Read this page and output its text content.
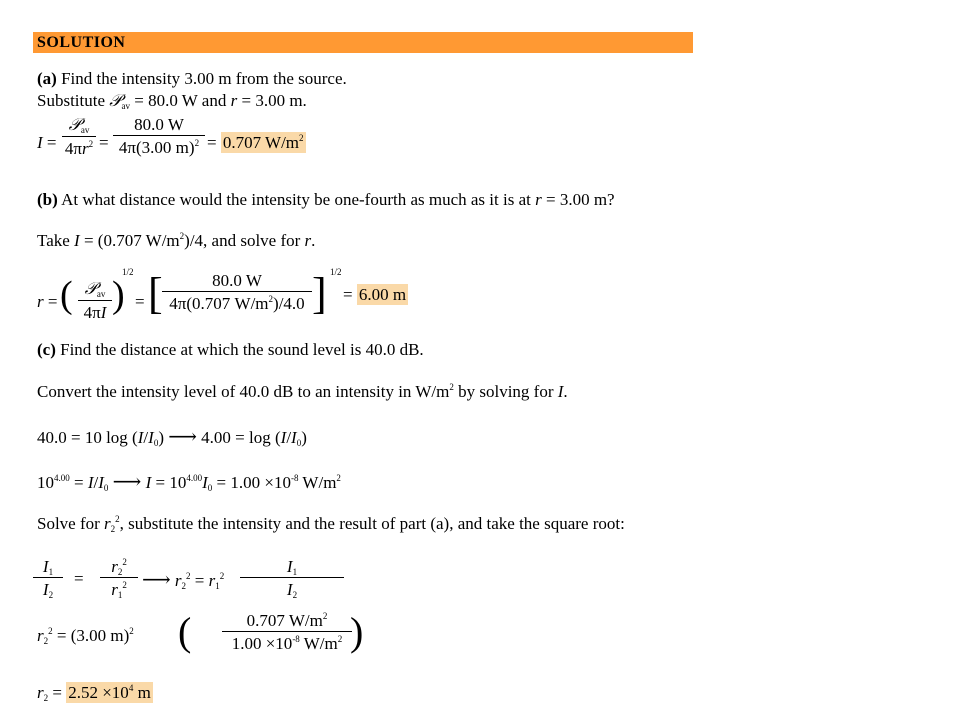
SOLUTION
(a) Find the intensity 3.00 m from the source.
Substitute 𝒫$_{av}$ = 80.0 W and r = 3.00 m.
I =
𝒫$_{av}$
$4\pi r^2$ =
80.0 W
4π(3.00 m)$^2$ = 0.707 $W/m^2$
(b) At what distance would the intensity be one-fourth as much as it is at r = 3.00 m?
Take I = (0.707 $W/m^2)/4$, and solve for r.
r = ( 𝒫$_{av}$
4πI )
1/2
= [	80.0 W
4π(0.707 $W/m^2)/4.0$ ] 1/2
= 6.00 m
(c) Find the distance at which the sound level is 40.0 dB.
Convert the intensity level of 40.0 dB to an intensity in $W/m^2$ by solving for I.
40.0 = 10 $\log (I/I_0)$ ⟶ $4.00 = \log (I/I_0)$
$10^{4.00} = I/I_0$ ⟶ $I = 10^{4.00}I_0 = 1.00 \times 10^{-8}$ $W/m^2$
Solve for $r_2^2$, substitute the intensity and the result of part (a), and take the square root:
$I_1$
$I_2$
=
$r_2^2$
$r_1^2$ ⟶ $r_2^2 = r_1^2$	$I_1$
$I_2$
$r_2^2 = (3.00$ m)$^2$ (	0.707 $W/m^2$
$1.00 \times 10^{-8}$ $W/m^2$ )
$r_2 = 2.52 \times 10^4$ m
